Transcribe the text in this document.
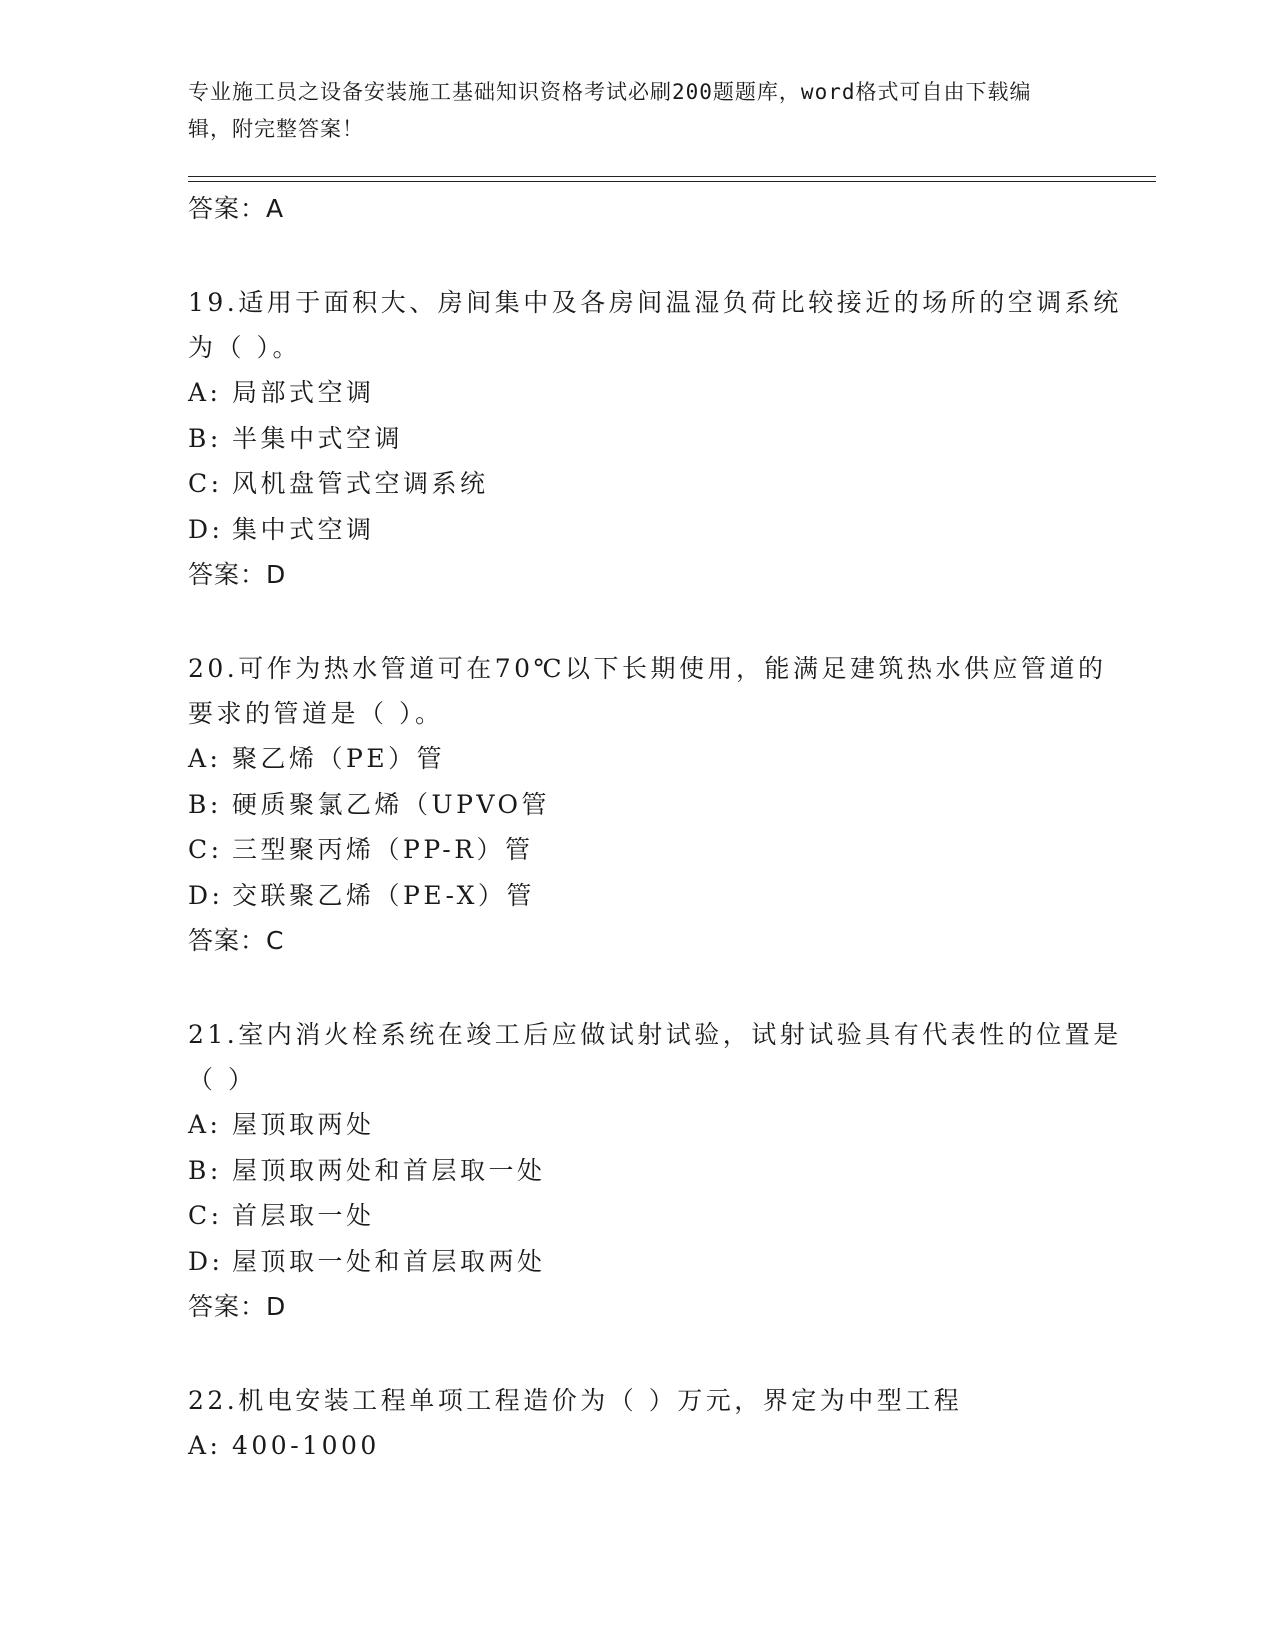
专业施工员之设备安装施工基础知识资格考试必刷200题题库，word格式可自由下载编辑，附完整答案！
答案：A
19.适用于面积大、房间集中及各房间温湿负荷比较接近的场所的空调系统为（ ）。
A: 局部式空调
B: 半集中式空调
C: 风机盘管式空调系统
D: 集中式空调
答案：D
20.可作为热水管道可在70℃以下长期使用，能满足建筑热水供应管道的要求的管道是（ ）。
A: 聚乙烯（PE）管
B: 硬质聚氯乙烯（UPVO管
C: 三型聚丙烯（PP-R）管
D: 交联聚乙烯（PE-X）管
答案：C
21.室内消火栓系统在竣工后应做试射试验，试射试验具有代表性的位置是（ ）
A: 屋顶取两处
B: 屋顶取两处和首层取一处
C: 首层取一处
D: 屋顶取一处和首层取两处
答案：D
22.机电安装工程单项工程造价为（ ）万元，界定为中型工程
A: 400-1000
